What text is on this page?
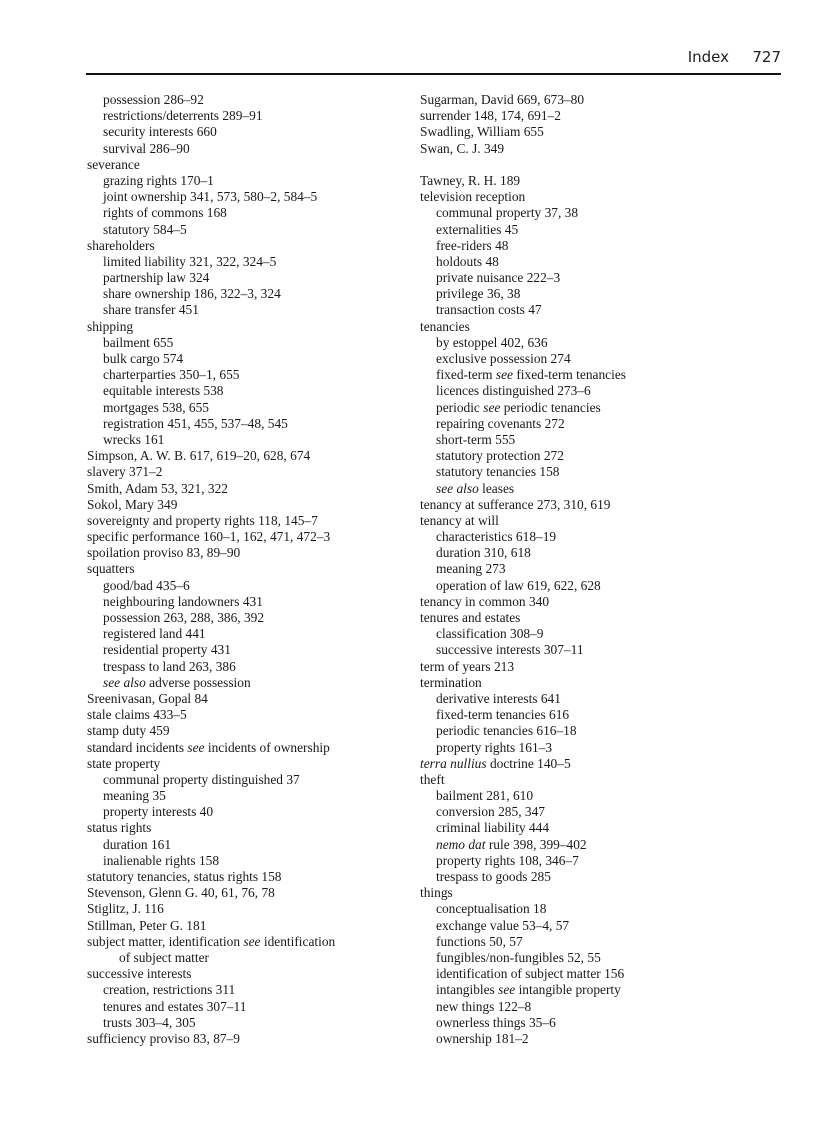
Index 727
possession 286–92
restrictions/deterrents 289–91
security interests 660
survival 286–90
severance
grazing rights 170–1
joint ownership 341, 573, 580–2, 584–5
rights of commons 168
statutory 584–5
shareholders
limited liability 321, 322, 324–5
partnership law 324
share ownership 186, 322–3, 324
share transfer 451
shipping
bailment 655
bulk cargo 574
charterparties 350–1, 655
equitable interests 538
mortgages 538, 655
registration 451, 455, 537–48, 545
wrecks 161
Simpson, A. W. B. 617, 619–20, 628, 674
slavery 371–2
Smith, Adam 53, 321, 322
Sokol, Mary 349
sovereignty and property rights 118, 145–7
specific performance 160–1, 162, 471, 472–3
spoilation proviso 83, 89–90
squatters
good/bad 435–6
neighbouring landowners 431
possession 263, 288, 386, 392
registered land 441
residential property 431
trespass to land 263, 386
see also adverse possession
Sreenivasan, Gopal 84
stale claims 433–5
stamp duty 459
standard incidents see incidents of ownership
state property
communal property distinguished 37
meaning 35
property interests 40
status rights
duration 161
inalienable rights 158
statutory tenancies, status rights 158
Stevenson, Glenn G. 40, 61, 76, 78
Stiglitz, J. 116
Stillman, Peter G. 181
subject matter, identification see identification
of subject matter
successive interests
creation, restrictions 311
tenures and estates 307–11
trusts 303–4, 305
sufficiency proviso 83, 87–9
Sugarman, David 669, 673–80
surrender 148, 174, 691–2
Swadling, William 655
Swan, C. J. 349
Tawney, R. H. 189
television reception
communal property 37, 38
externalities 45
free-riders 48
holdouts 48
private nuisance 222–3
privilege 36, 38
transaction costs 47
tenancies
by estoppel 402, 636
exclusive possession 274
fixed-term see fixed-term tenancies
licences distinguished 273–6
periodic see periodic tenancies
repairing covenants 272
short-term 555
statutory protection 272
statutory tenancies 158
see also leases
tenancy at sufferance 273, 310, 619
tenancy at will
characteristics 618–19
duration 310, 618
meaning 273
operation of law 619, 622, 628
tenancy in common 340
tenures and estates
classification 308–9
successive interests 307–11
term of years 213
termination
derivative interests 641
fixed-term tenancies 616
periodic tenancies 616–18
property rights 161–3
terra nullius doctrine 140–5
theft
bailment 281, 610
conversion 285, 347
criminal liability 444
nemo dat rule 398, 399–402
property rights 108, 346–7
trespass to goods 285
things
conceptualisation 18
exchange value 53–4, 57
functions 50, 57
fungibles/non-fungibles 52, 55
identification of subject matter 156
intangibles see intangible property
new things 122–8
ownerless things 35–6
ownership 181–2
